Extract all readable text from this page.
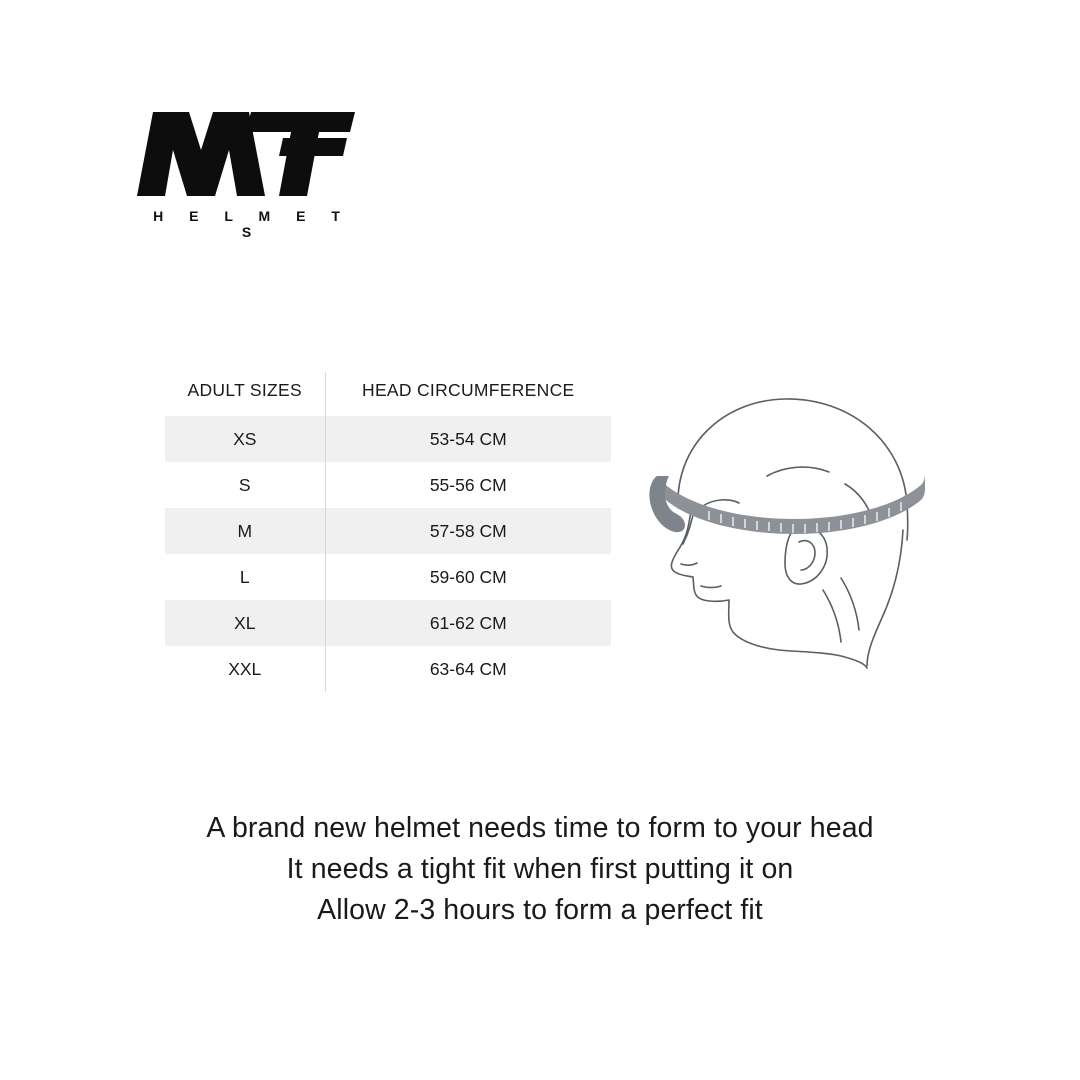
H E L M E T S
ADULT SIZES	HEAD CIRCUMFERENCE
XS	53-54 CM
S	55-56 CM
M	57-58 CM
L	59-60 CM
XL	61-62 CM
XXL	63-64 CM
A brand new helmet needs time to form to your head
It needs a tight fit when first putting it on
Allow 2-3 hours to form a perfect fit
